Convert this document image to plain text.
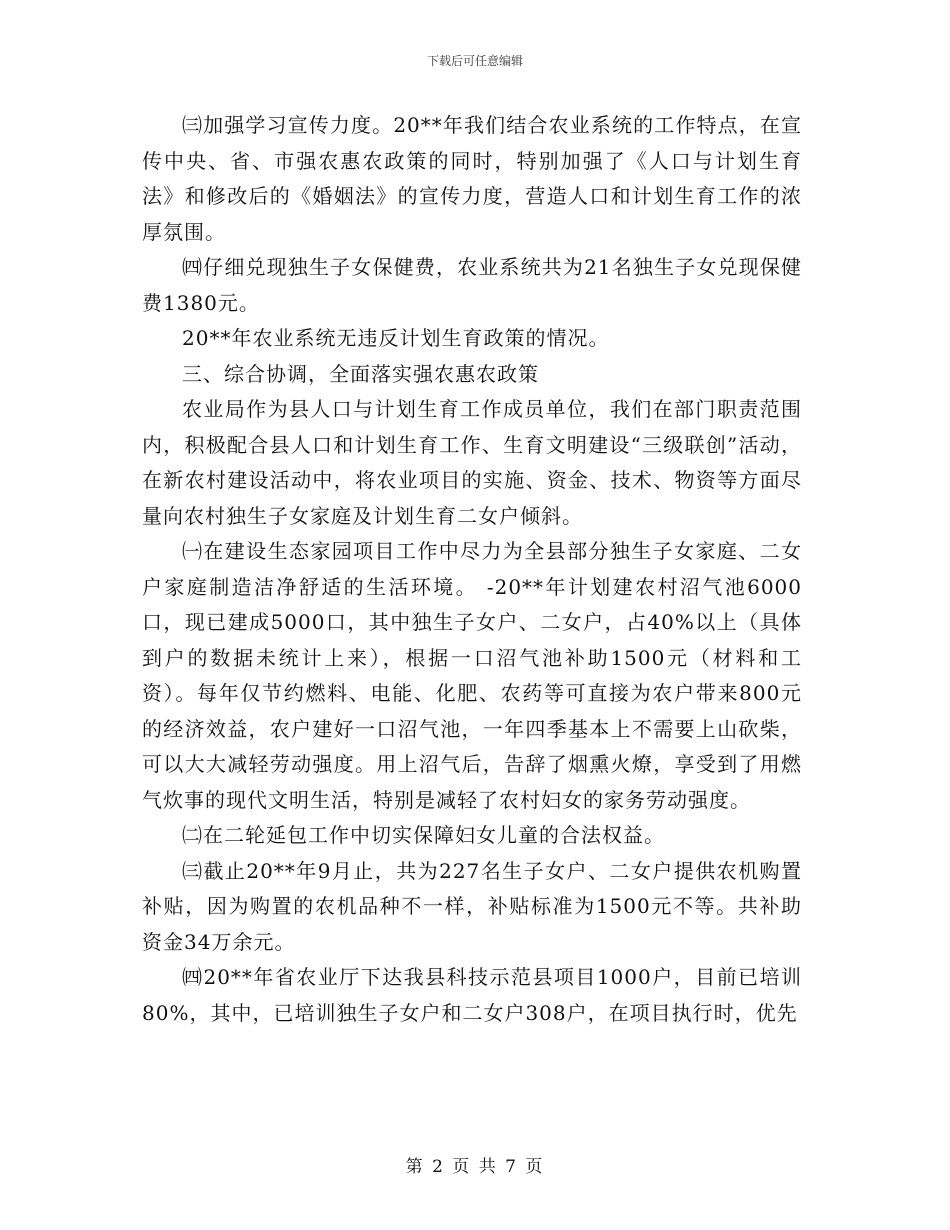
下载后可任意编辑

㈢加强学习宣传力度。20**年我们结合农业系统的工作特点，在宣传中央、省、市强农惠农政策的同时，特别加强了《人口与计划生育法》和修改后的《婚姻法》的宣传力度，营造人口和计划生育工作的浓厚氛围。

㈣仔细兑现独生子女保健费，农业系统共为21名独生子女兑现保健费1380元。

20**年农业系统无违反计划生育政策的情况。

三、综合协调，全面落实强农惠农政策

农业局作为县人口与计划生育工作成员单位，我们在部门职责范围内，积极配合县人口和计划生育工作、生育文明建设“三级联创”活动，在新农村建设活动中，将农业项目的实施、资金、技术、物资等方面尽量向农村独生子女家庭及计划生育二女户倾斜。

㈠在建设生态家园项目工作中尽力为全县部分独生子女家庭、二女户家庭制造洁净舒适的生活环境。 -20**年计划建农村沼气池6000口，现已建成5000口，其中独生子女户、二女户，占40%以上（具体到户的数据未统计上来），根据一口沼气池补助1500元（材料和工资）。每年仅节约燃料、电能、化肥、农药等可直接为农户带来800元的经济效益，农户建好一口沼气池，一年四季基本上不需要上山砍柴，可以大大减轻劳动强度。用上沼气后，告辞了烟熏火燎，享受到了用燃气炊事的现代文明生活，特别是减轻了农村妇女的家务劳动强度。

㈡在二轮延包工作中切实保障妇女儿童的合法权益。

㈢截止20**年9月止，共为227名生子女户、二女户提供农机购置补贴，因为购置的农机品种不一样，补贴标准为1500元不等。共补助资金34万余元。

㈣20**年省农业厅下达我县科技示范县项目1000户，目前已培训80%，其中，已培训独生子女户和二女户308户，在项目执行时，优先

第 2 页 共 7 页
